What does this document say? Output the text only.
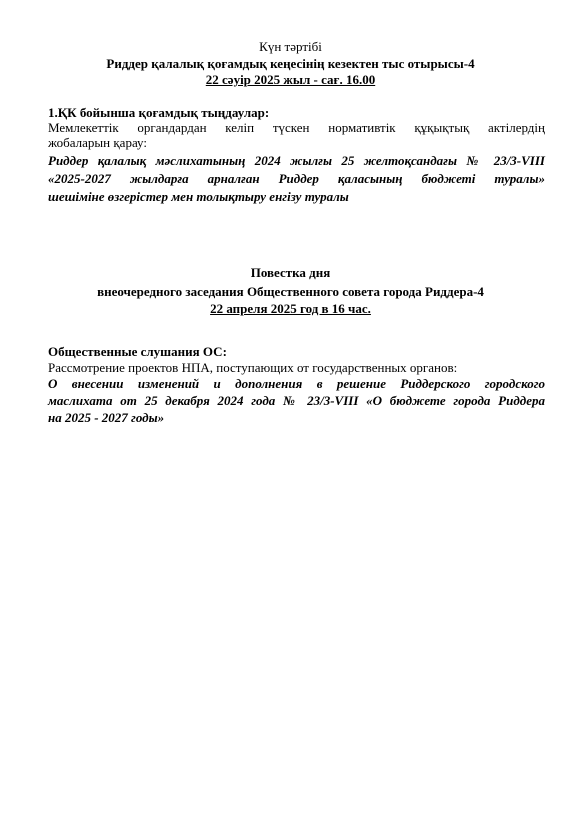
Күн тәртібі
Риддер қалалық қоғамдық кеңесінің кезектен тыс отырысы-4
22 сәуір 2025 жыл - сағ. 16.00
1.ҚК бойынша қоғамдық тыңдаулар:
Мемлекеттік органдардан келіп түскен нормативтік құқықтық актілердің
жобаларын қарау:
Риддер қалалық мәслихатының 2024 жылғы 25 желтоқсандағы № 23/3-VIII
«2025-2027 жылдарға арналған Риддер қаласының бюджеті туралы»
шешіміне өзгерістер мен толықтыру енгізу туралы
Повестка дня
внеочередного заседания Общественного совета города Риддера-4
22 апреля 2025 год в 16 час.
Общественные слушания ОС:
Рассмотрение проектов НПА, поступающих от государственных органов:
О внесении изменений и дополнения в решение Риддерского городского
маслихата от 25 декабря 2024 года № 23/3-VIII «О бюджете города Риддера
на 2025 - 2027 годы»
